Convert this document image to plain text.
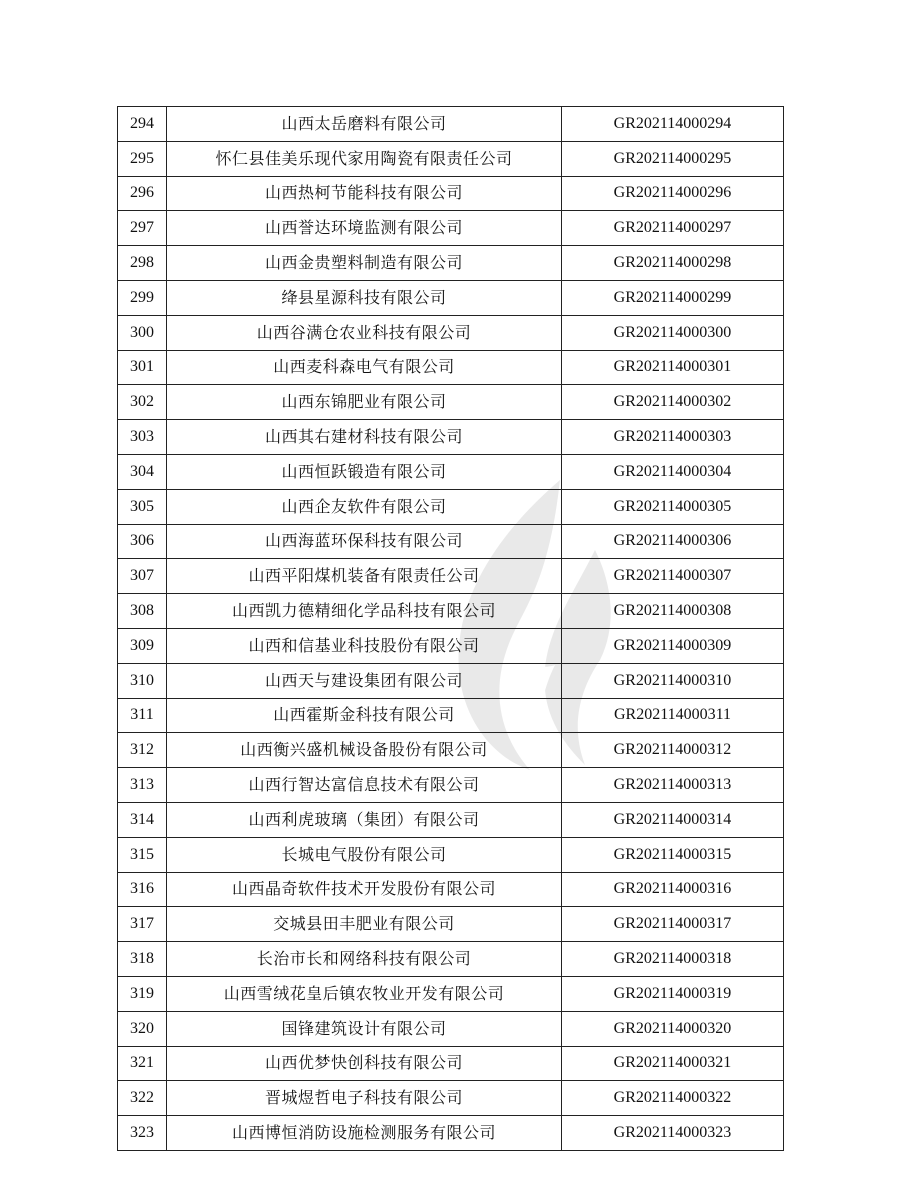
294	山西太岳磨料有限公司	GR202114000294
295	怀仁县佳美乐现代家用陶瓷有限责任公司	GR202114000295
296	山西热柯节能科技有限公司	GR202114000296
297	山西誉达环境监测有限公司	GR202114000297
298	山西金贵塑料制造有限公司	GR202114000298
299	绛县星源科技有限公司	GR202114000299
300	山西谷满仓农业科技有限公司	GR202114000300
301	山西麦科森电气有限公司	GR202114000301
302	山西东锦肥业有限公司	GR202114000302
303	山西其右建材科技有限公司	GR202114000303
304	山西恒跃锻造有限公司	GR202114000304
305	山西企友软件有限公司	GR202114000305
306	山西海蓝环保科技有限公司	GR202114000306
307	山西平阳煤机装备有限责任公司	GR202114000307
308	山西凯力德精细化学品科技有限公司	GR202114000308
309	山西和信基业科技股份有限公司	GR202114000309
310	山西天与建设集团有限公司	GR202114000310
311	山西霍斯金科技有限公司	GR202114000311
312	山西衡兴盛机械设备股份有限公司	GR202114000312
313	山西行智达富信息技术有限公司	GR202114000313
314	山西利虎玻璃（集团）有限公司	GR202114000314
315	长城电气股份有限公司	GR202114000315
316	山西晶奇软件技术开发股份有限公司	GR202114000316
317	交城县田丰肥业有限公司	GR202114000317
318	长治市长和网络科技有限公司	GR202114000318
319	山西雪绒花皇后镇农牧业开发有限公司	GR202114000319
320	国锋建筑设计有限公司	GR202114000320
321	山西优梦快创科技有限公司	GR202114000321
322	晋城煜哲电子科技有限公司	GR202114000322
323	山西博恒消防设施检测服务有限公司	GR202114000323
